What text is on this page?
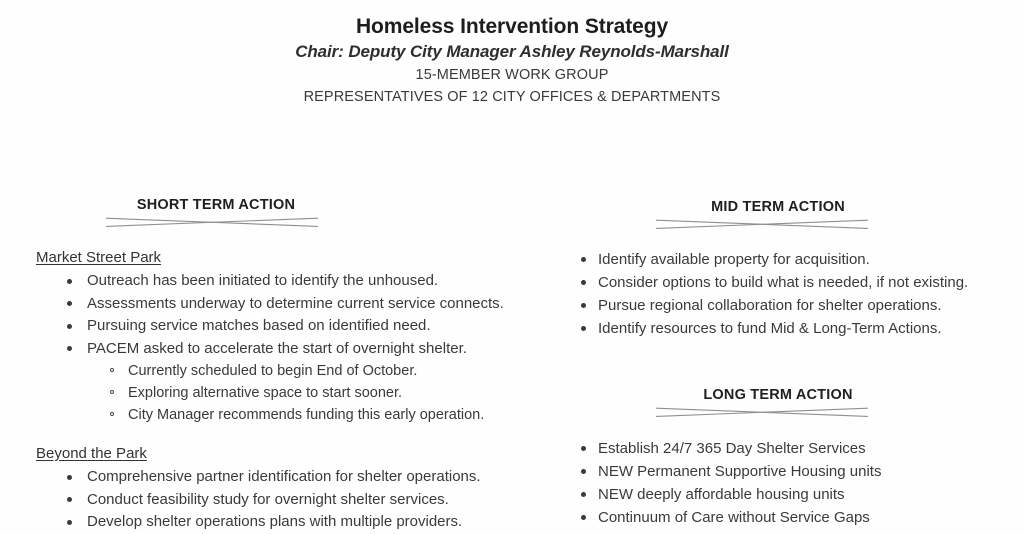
Homeless Intervention Strategy
Chair: Deputy City Manager Ashley Reynolds-Marshall
15-MEMBER WORK GROUP
REPRESENTATIVES OF 12 CITY OFFICES & DEPARTMENTS
SHORT TERM ACTION
Market Street Park
Outreach has been initiated to identify the unhoused.
Assessments underway to determine current service connects.
Pursuing service matches based on identified need.
PACEM asked to accelerate the start of overnight shelter.
Currently scheduled to begin End of October.
Exploring alternative space to start sooner.
City Manager recommends funding this early operation.
Beyond the Park
Comprehensive partner identification for shelter operations.
Conduct feasibility study for overnight shelter services.
Develop shelter operations plans with multiple providers.
MID TERM ACTION
Identify available property for acquisition.
Consider options to build what is needed, if not existing.
Pursue regional collaboration for shelter operations.
Identify resources to fund Mid & Long-Term Actions.
LONG TERM ACTION
Establish 24/7 365 Day Shelter Services
NEW Permanent Supportive Housing units
NEW deeply affordable housing units
Continuum of Care without Service Gaps
